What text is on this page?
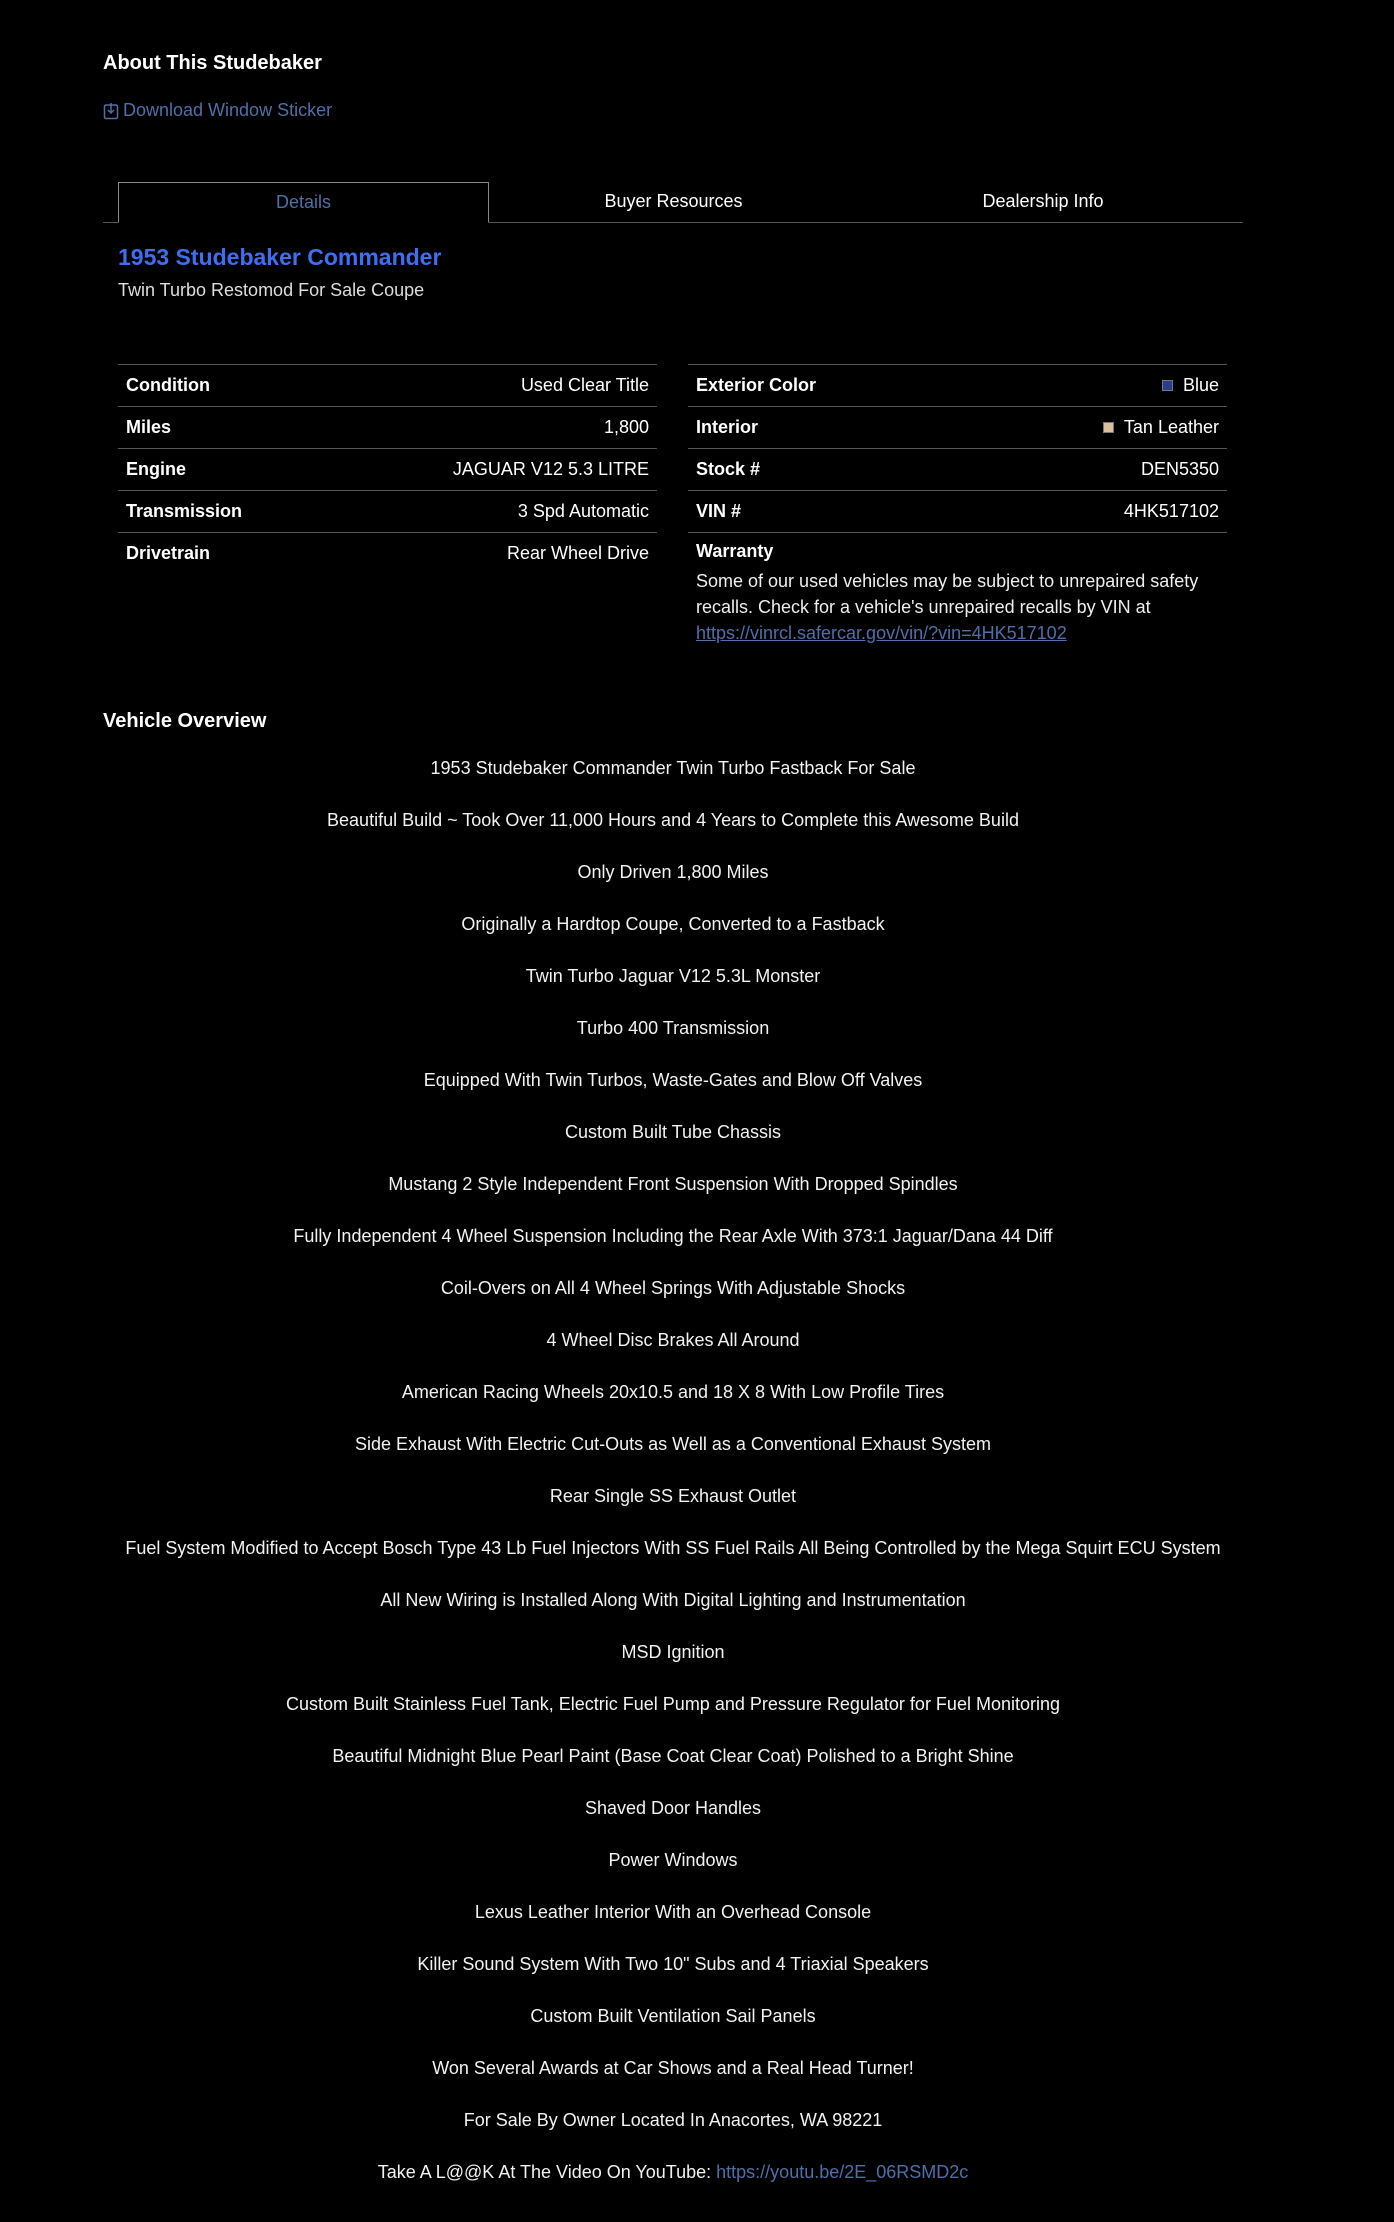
About This Studebaker
Download Window Sticker
Details	Buyer Resources	Dealership Info
1953 Studebaker Commander
Twin Turbo Restomod For Sale Coupe
Condition	Used Clear Title
Miles	1,800
Engine	JAGUAR V12 5.3 LITRE
Transmission	3 Spd Automatic
Drivetrain	Rear Wheel Drive
Exterior Color	Blue
Interior	Tan Leather
Stock #	DEN5350
VIN #	4HK517102
Warranty
Some of our used vehicles may be subject to unrepaired safety recalls. Check for a vehicle's unrepaired recalls by VIN at
https://vinrcl.safercar.gov/vin/?vin=4HK517102
Vehicle Overview
1953 Studebaker Commander Twin Turbo Fastback For Sale
Beautiful Build ~ Took Over 11,000 Hours and 4 Years to Complete this Awesome Build
Only Driven 1,800 Miles
Originally a Hardtop Coupe, Converted to a Fastback
Twin Turbo Jaguar V12 5.3L Monster
Turbo 400 Transmission
Equipped With Twin Turbos, Waste-Gates and Blow Off Valves
Custom Built Tube Chassis
Mustang 2 Style Independent Front Suspension With Dropped Spindles
Fully Independent 4 Wheel Suspension Including the Rear Axle With 373:1 Jaguar/Dana 44 Diff
Coil-Overs on All 4 Wheel Springs With Adjustable Shocks
4 Wheel Disc Brakes All Around
American Racing Wheels 20x10.5 and 18 X 8 With Low Profile Tires
Side Exhaust With Electric Cut-Outs as Well as a Conventional Exhaust System
Rear Single SS Exhaust Outlet
Fuel System Modified to Accept Bosch Type 43 Lb Fuel Injectors With SS Fuel Rails All Being Controlled by the Mega Squirt ECU System
All New Wiring is Installed Along With Digital Lighting and Instrumentation
MSD Ignition
Custom Built Stainless Fuel Tank, Electric Fuel Pump and Pressure Regulator for Fuel Monitoring
Beautiful Midnight Blue Pearl Paint (Base Coat Clear Coat) Polished to a Bright Shine
Shaved Door Handles
Power Windows
Lexus Leather Interior With an Overhead Console
Killer Sound System With Two 10" Subs and 4 Triaxial Speakers
Custom Built Ventilation Sail Panels
Won Several Awards at Car Shows and a Real Head Turner!
For Sale By Owner Located In Anacortes, WA 98221
Take A L@@K At The Video On YouTube: https://youtu.be/2E_06RSMD2c
